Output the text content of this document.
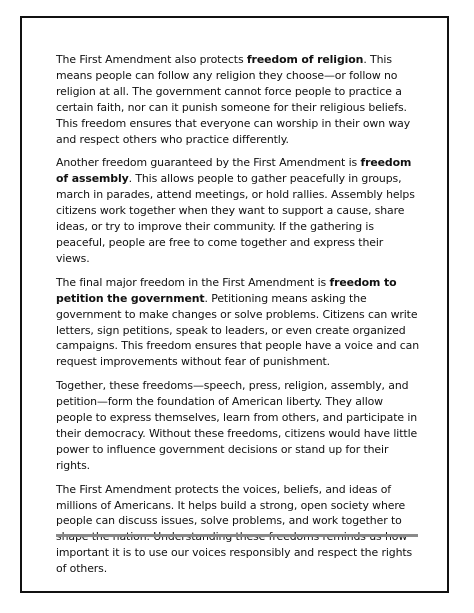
The First Amendment also protects freedom of religion. This means people can follow any religion they choose—or follow no religion at all. The government cannot force people to practice a certain faith, nor can it punish someone for their religious beliefs. This freedom ensures that everyone can worship in their own way and respect others who practice differently.

Another freedom guaranteed by the First Amendment is freedom of assembly. This allows people to gather peacefully in groups, march in parades, attend meetings, or hold rallies. Assembly helps citizens work together when they want to support a cause, share ideas, or try to improve their community. If the gathering is peaceful, people are free to come together and express their views.

The final major freedom in the First Amendment is freedom to petition the government. Petitioning means asking the government to make changes or solve problems. Citizens can write letters, sign petitions, speak to leaders, or even create organized campaigns. This freedom ensures that people have a voice and can request improvements without fear of punishment.

Together, these freedoms—speech, press, religion, assembly, and petition—form the foundation of American liberty. They allow people to express themselves, learn from others, and participate in their democracy. Without these freedoms, citizens would have little power to influence government decisions or stand up for their rights.

The First Amendment protects the voices, beliefs, and ideas of millions of Americans. It helps build a strong, open society where people can discuss issues, solve problems, and work together to important it is to use our voices responsibly and respect the rights of others.
